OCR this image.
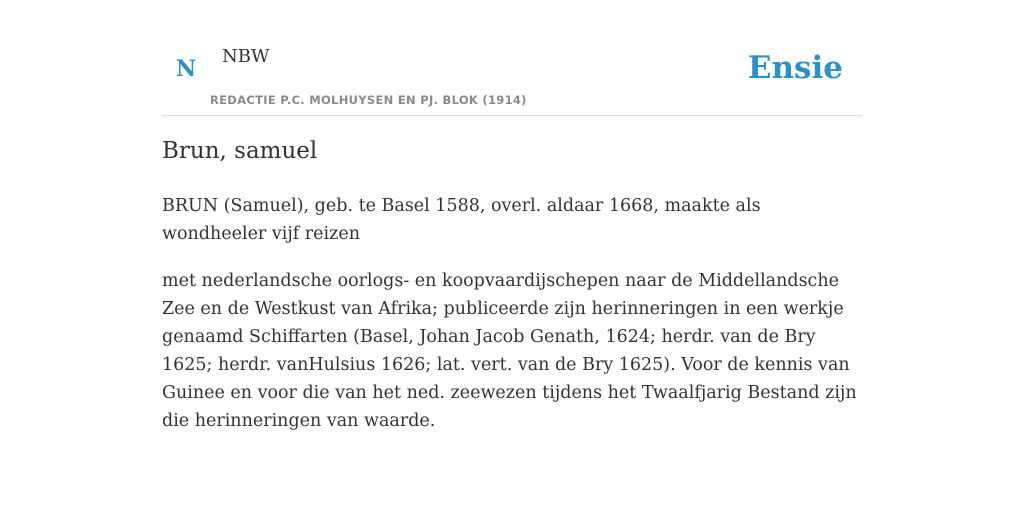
N NBW
REDACTIE P.C. MOLHUYSEN EN PJ. BLOK (1914)
Ensie
Brun, samuel

BRUN (Samuel), geb. te Basel 1588, overl. aldaar 1668, maakte als wondheeler vijf reizen

met nederlandsche oorlogs- en koopvaardijschepen naar de Middellandsche Zee en de Westkust van Afrika; publiceerde zijn herinneringen in een werkje genaamd Schiffarten (Basel, Johan Jacob Genath, 1624; herdr. van de Bry 1625; herdr. vanHulsius 1626; lat. vert. van de Bry 1625). Voor de kennis van Guinee en voor die van het ned. zeewezen tijdens het Twaalfjarig Bestand zijn die herinneringen van waarde.
